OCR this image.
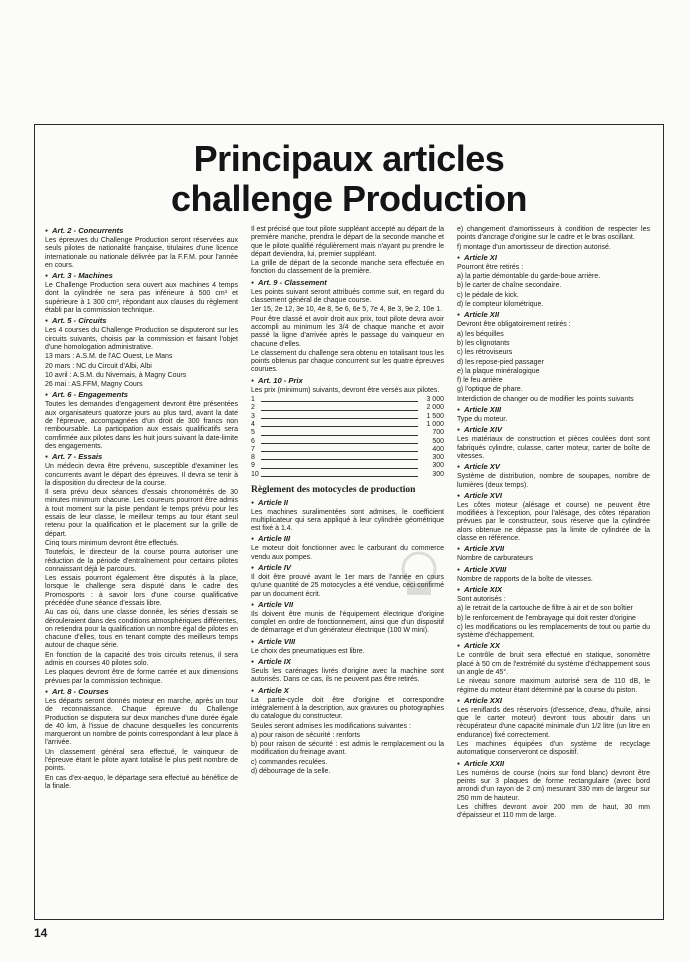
Principaux articles
challenge Production

● Art. 2 - Concurrents

Les épreuves du Challenge Production seront réservées aux seuls pilotes de nationalité française, titulaires d'une licence internationale ou nationale délivrée par la F.F.M. pour l'année en cours.

● Art. 3 - Machines

Le Challenge Production sera ouvert aux machines 4 temps dont la cylindrée ne sera pas inférieure à 500 cm³ et supérieure à 1 300 cm³, répondant aux clauses du règlement établi par la commission technique.

● Art. 5 - Circuits

Les 4 courses du Challenge Production se disputeront sur les circuits suivants, choisis par la commission et faisant l'objet d'une homologation administrative.

13 mars : A.S.M. de l'AC Ouest, Le Mans

20 mars : NC du Circuit d'Albi, Albi

10 avril : A.S.M. du Nivernais, à Magny Cours

26 mai : AS.FFM, Magny Cours

● Art. 6 - Engagements

Toutes les demandes d'engagement devront être présentées aux organisateurs quatorze jours au plus tard, avant la date de l'épreuve, accompagnées d'un droit de 300 francs non remboursable. La participation aux essais qualificatifs sera comfirmée aux pilotes dans les huit jours suivant la date-limite des engagements.

● Art. 7 - Essais

Un médecin devra être prévenu, susceptible d'examiner les concurrents avant le départ des épreuves. Il devra se tenir à la disposition du directeur de la course.

Il sera prévu deux séances d'essais chronométrés de 30 minutes minimum chacune. Les coureurs pourront être admis à tout moment sur la piste pendant le temps prévu pour les essais de leur classe, le meilleur temps au tour étant seul retenu pour la qualification et le placement sur la grille de départ.

Cinq tours minimum devront être effectués.

Toutefois, le directeur de la course pourra autoriser une réduction de la période d'entraînement pour certains pilotes connaissant déjà le parcours.

Les essais pourront également être disputés à la place, lorsque le challenge sera disputé dans le cadre des Promosports : à savoir lors d'une course qualificative précédée d'une séance d'essais libre.

Au cas où, dans une classe donnée, les séries d'essais se dérouleraient dans des conditions atmosphériques différentes, on retiendra pour la qualification un nombre égal de pilotes en chacune d'elles, tous en tenant compte des meilleurs temps autour de chaque série.

En fonction de la capacité des trois circuits retenus, il sera admis en courses 40 pilotes solo.

Les plaques devront être de forme carrée et aux dimensions prévues par la commission technique.

● Art. 8 - Courses

Les départs seront donnés moteur en marche, après un tour de reconnaissance. Chaque épreuve du Challenge Production se disputera sur deux manches d'une durée égale de 40 km, à l'issue de chacune desquelles les concurrents marqueront un nombre de points correspondant à leur place à l'arrivée.

Un classement général sera effectué, le vainqueur de l'épreuve étant le pilote ayant totalisé le plus petit nombre de points.

En cas d'ex-aequo, le départage sera effectué au bénéfice de la finale.

Il est précisé que tout pilote suppléant accepté au départ de la première manche, prendra le départ de la seconde manche et que le pilote qualifié régulièrement mais n'ayant pu prendre le départ deviendra, lui, premier suppléant.

La grille de départ de la seconde manche sera effectuée en fonction du classement de la première.

● Art. 9 - Classement

Les points suivant seront attribués comme suit, en regard du classement général de chaque course.

1er 15, 2e 12, 3e 10, 4e 8, 5e 6, 6e 5, 7e 4, 8e 3, 9e 2, 10e 1.

Pour être classé et avoir droit aux prix, tout pilote devra avoir accompli au minimum les 3/4 de chaque manche et avoir passé la ligne d'arrivée après le passage du vainqueur en chacune d'elles.

Le classement du challenge sera obtenu en totalisant tous les points obtenus par chaque concurrent sur les quatre épreuves courues.

● Art. 10 - Prix

Les prix (minimum) suivants, devront être versés aux pilotes.

1	3 000
2	2 000
3	1 500
4	1 000
5	700
6	500
7	400
8	300
9	300
10	300
Règlement des motocycles de production

● Article II

Les machines suralimentées sont admises, le coefficient multiplicateur qui sera appliqué à leur cylindrée géométrique est fixé à 1.4.

● Article III

Le moteur doit fonctionner avec le carburant du commerce vendu aux pompes.

● Article IV

Il doit être prouvé avant le 1er mars de l'année en cours qu'une quantité de 25 motocycles a été vendue, ceci confirmé par un document écrit.

● Article VII

Ils doivent être munis de l'équipement électrique d'origine complet en ordre de fonctionnement, ainsi que d'un dispositif de démarrage et d'un générateur électrique (100 W mini).

● Article VIII

Le choix des pneumatiques est libre.

● Article IX

Seuls les carénages livrés d'origine avec la machine sont autorisés. Dans ce cas, ils ne peuvent pas être retirés.

● Article X

La partie-cycle doit être d'origine et correspondre intégralement à la description, aux gravures ou photographies du catalogue du constructeur.

Seules seront admises les modifications suivantes :

a) pour raison de sécurité : renforts

b) pour raison de sécurité : est admis le remplacement ou la modification du freinage avant.

c) commandes reculées.

d) débourrage de la selle.

e) changement d'amortisseurs à condition de respecter les points d'ancrage d'origine sur le cadre et le bras oscillant.

f) montage d'un amortisseur de direction autorisé.

● Article XI

Pourront être retirés :

a) la partie démontable du garde-boue arrière.

b) le carter de chaîne secondaire.

c) le pédale de kick.

d) le compteur kilométrique.

● Article XII

Devront être obligatoirement retirés :

a) les béquilles

b) les clignotants

c) les rétroviseurs

d) les repose-pied passager

e) la plaque minéralogique

f) le feu arrière

g) l'optique de phare.

Interdiction de changer ou de modifier les points suivants

● Article XIII

Type du moteur.

● Article XIV

Les matériaux de construction et pièces coulées dont sont fabriqués cylindre, culasse, carter moteur, carter de boîte de vitesses.

● Article XV

Système de distribution, nombre de soupapes, nombre de lumières (deux temps).

● Article XVI

Les côtes moteur (alésage et course) ne peuvent être modifiées à l'exception, pour l'alésage, des côtes réparation prévues par le constructeur, sous réserve que la cylindrée alors obtenue ne dépasse pas la limite de cylindrée de la classe en référence.

● Article XVII

Nombre de carburateurs

● Article XVIII

Nombre de rapports de la boîte de vitesses.

● Article XIX

Sont autorisés :

a) le retrait de la cartouche de filtre à air et de son boîtier

b) le renforcement de l'embrayage qui doit rester d'origine

c) les modifications ou les remplacements de tout ou partie du système d'échappement.

● Article XX

Le contrôle de bruit sera effectué en statique, sonomètre placé à 50 cm de l'extrémité du système d'échappement sous un angle de 45°.

Le niveau sonore maximum autorisé sera de 110 dB, le régime du moteur étant déterminé par la course du piston.

● Article XXI

Les reniflards des réservoirs (d'essence, d'eau, d'huile, ainsi que le carter moteur) devront tous aboutir dans un récupérateur d'une capacité minimale d'un 1/2 litre (un litre en endurance) fixé correctement.

Les machines équipées d'un système de recyclage automatique conserveront ce dispositif.

● Article XXII

Les numéros de course (noirs sur fond blanc) devront être peints sur 3 plaques de forme rectangulaire (avec bord arrondi d'un rayon de 2 cm) mesurant 330 mm de largeur sur 250 mm de hauteur.

Les chiffres devront avoir 200 mm de haut, 30 mm d'épaisseur et 110 mm de large.

14
